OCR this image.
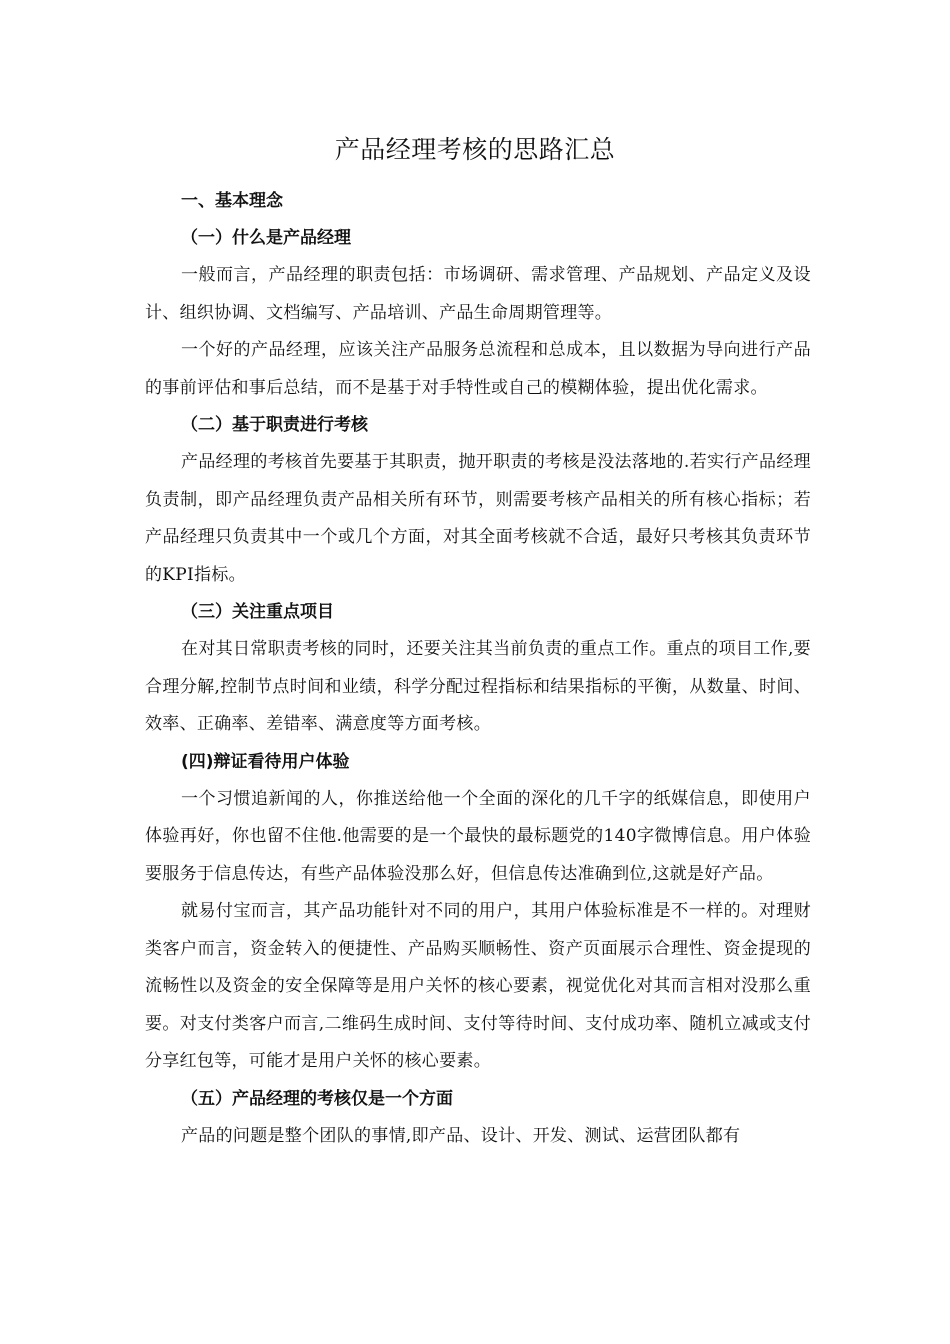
产品经理考核的思路汇总
一、基本理念
（一）什么是产品经理

一般而言，产品经理的职责包括：市场调研、需求管理、产品规划、产品定义及设计、组织协调、文档编写、产品培训、产品生命周期管理等。

一个好的产品经理，应该关注产品服务总流程和总成本，且以数据为导向进行产品的事前评估和事后总结，而不是基于对手特性或自己的模糊体验，提出优化需求。

（二）基于职责进行考核

产品经理的考核首先要基于其职责，抛开职责的考核是没法落地的.若实行产品经理负责制，即产品经理负责产品相关所有环节，则需要考核产品相关的所有核心指标；若产品经理只负责其中一个或几个方面，对其全面考核就不合适，最好只考核其负责环节的KPI指标。

（三）关注重点项目

在对其日常职责考核的同时，还要关注其当前负责的重点工作。重点的项目工作,要合理分解,控制节点时间和业绩，科学分配过程指标和结果指标的平衡，从数量、时间、效率、正确率、差错率、满意度等方面考核。

(四)辩证看待用户体验

一个习惯追新闻的人，你推送给他一个全面的深化的几千字的纸媒信息，即使用户体验再好，你也留不住他.他需要的是一个最快的最标题党的140字微博信息。用户体验要服务于信息传达，有些产品体验没那么好，但信息传达准确到位,这就是好产品。

就易付宝而言，其产品功能针对不同的用户，其用户体验标准是不一样的。对理财类客户而言，资金转入的便捷性、产品购买顺畅性、资产页面展示合理性、资金提现的流畅性以及资金的安全保障等是用户关怀的核心要素，视觉优化对其而言相对没那么重要。对支付类客户而言,二维码生成时间、支付等待时间、支付成功率、随机立减或支付分享红包等，可能才是用户关怀的核心要素。

（五）产品经理的考核仅是一个方面

产品的问题是整个团队的事情,即产品、设计、开发、测试、运营团队都有
